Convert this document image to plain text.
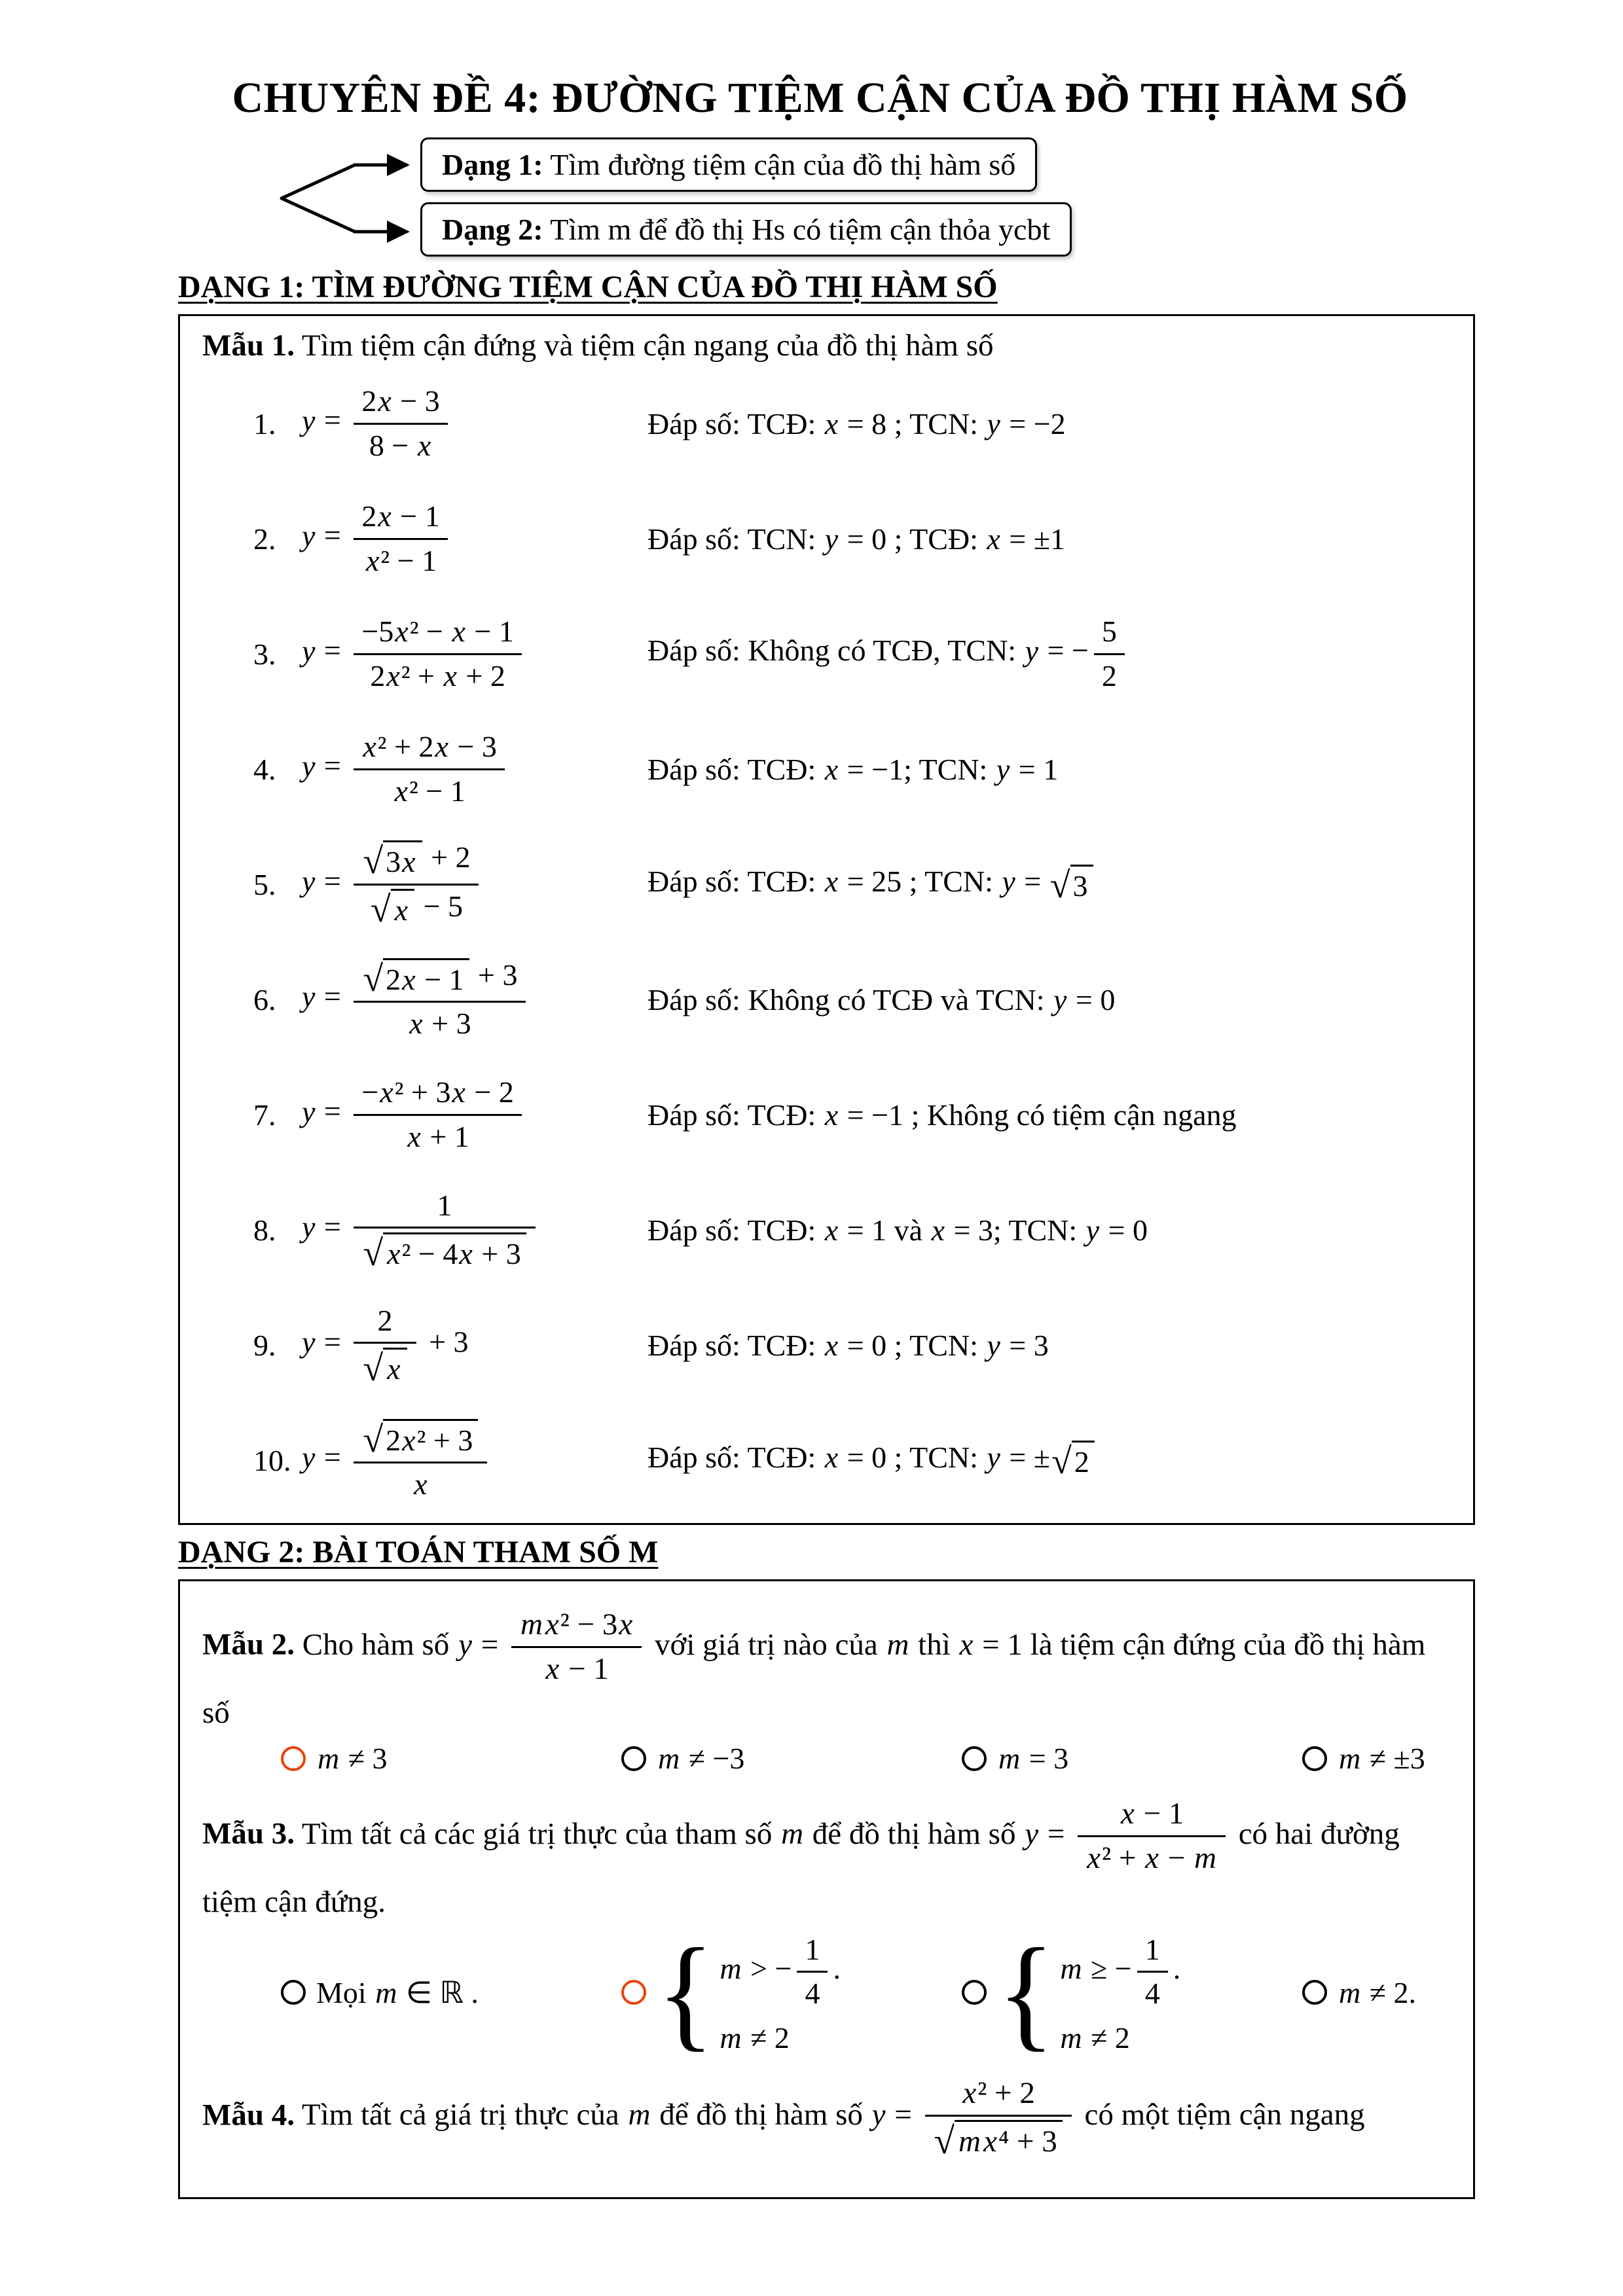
CHUYÊN ĐỀ 4: ĐƯỜNG TIỆM CẬN CỦA ĐỒ THỊ HÀM SỐ
Dạng 1: Tìm đường tiệm cận của đồ thị hàm số
Dạng 2: Tìm m để đồ thị Hs có tiệm cận thỏa ycbt
DẠNG 1: TÌM ĐƯỜNG TIỆM CẬN CỦA ĐỒ THỊ HÀM SỐ

Mẫu 1. Tìm tiệm cận đứng và tiệm cận ngang của đồ thị hàm số

1. $y = \frac{2x - 3}{8 - x}$	Đáp số: TCĐ: x = 8 ; TCN: y = −2
2. $y = \frac{2x - 1}{\text{x² − 1}}$	Đáp số: TCN: y = 0 ; TCĐ: x = ±1
3. $y = \frac{\text{−5x² − x − 1}}{\text{2x² + x + 2}}$	Đáp số: Không có TCĐ, TCN: y = − $\frac{5}{2}$
4. $y = \frac{\text{x² + 2x − 3}}{\text{x² − 1}}$	Đáp số: TCĐ: x = −1; TCN: y = 1
5. $y = \frac{√ 3x + 2}{√ x - 5}$	Đáp số: TCĐ: x = 25 ; TCN: y = √ 3
6. $y = \frac{√ 2x - 1 + 3}{x + 3}$	Đáp số: Không có TCĐ và TCN: y = 0
7. $y = \frac{\text{−x² + 3x − 2}}{x + 1}$	Đáp số: TCĐ: x = −1 ; Không có tiệm cận ngang
8. $y = \frac{1}{\text{√ x² − 4x + 3}}$	Đáp số: TCĐ: x = 1 và x = 3; TCN: y = 0
9. $y = \frac{2}{√ x} + 3$	Đáp số: TCĐ: x = 0 ; TCN: y = 3
10. $y = \frac{\text{√ 2x² + 3}}{x}$	Đáp số: TCĐ: x = 0 ; TCN: y = ± √ 2
DẠNG 2: BÀI TOÁN THAM SỐ M

Mẫu 2. Cho hàm số $y = \frac{\text{mx² − 3x}}{x - 1}$ với giá trị nào của m thì x = 1 là tiệm cận đứng của đồ thị hàm số

m ≠ 3	m ≠ −3	m = 3	m ≠ ±3

Mẫu 3. Tìm tất cả các giá trị thực của tham số m để đồ thị hàm số $y = \frac{x - 1}{\text{x² + x − m}}$ có hai đường tiệm cận đứng.

Mọi m ∈ ℝ . { m > − $\frac{1}{4}$ .
m ≠ 2	{ m ≥ − $\frac{1}{4}$ .
m ≠ 2
m ≠ 2.

Mẫu 4. Tìm tất cả giá trị thực của m để đồ thị hàm số $y = \frac{\text{x² + 2}}{\text{√ mx⁴ + 3}}$ có một tiệm cận ngang
